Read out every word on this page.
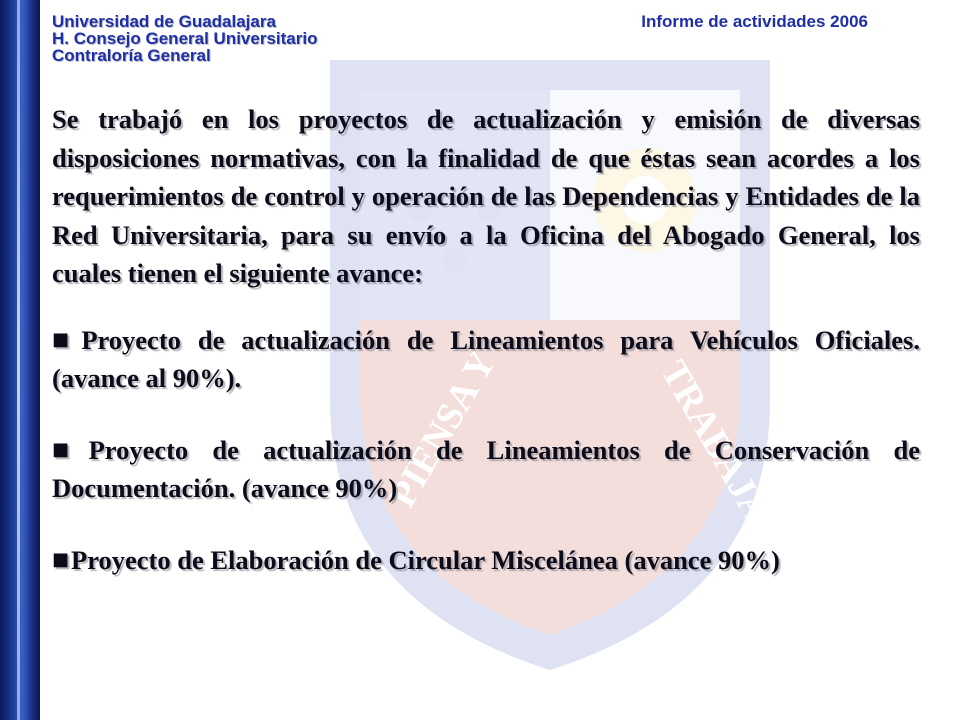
PIENSA Y	TRABAJA
Universidad de Guadalajara
H. Consejo General Universitario
Contraloría General
Informe de actividades 2006

Se trabajó en los proyectos de actualización y emisión de diversas disposiciones normativas, con la finalidad de que éstas sean acordes a los requerimientos de control y operación de las Dependencias y Entidades de la Red Universitaria, para su envío a la Oficina del Abogado General, los cuales tienen el siguiente avance:

■Proyecto de actualización de Lineamientos para Vehículos Oficiales. (avance al 90%).

■Proyecto de actualización de Lineamientos de Conservación de Documentación. (avance 90%)

■Proyecto de Elaboración de Circular Miscelánea (avance 90%)
